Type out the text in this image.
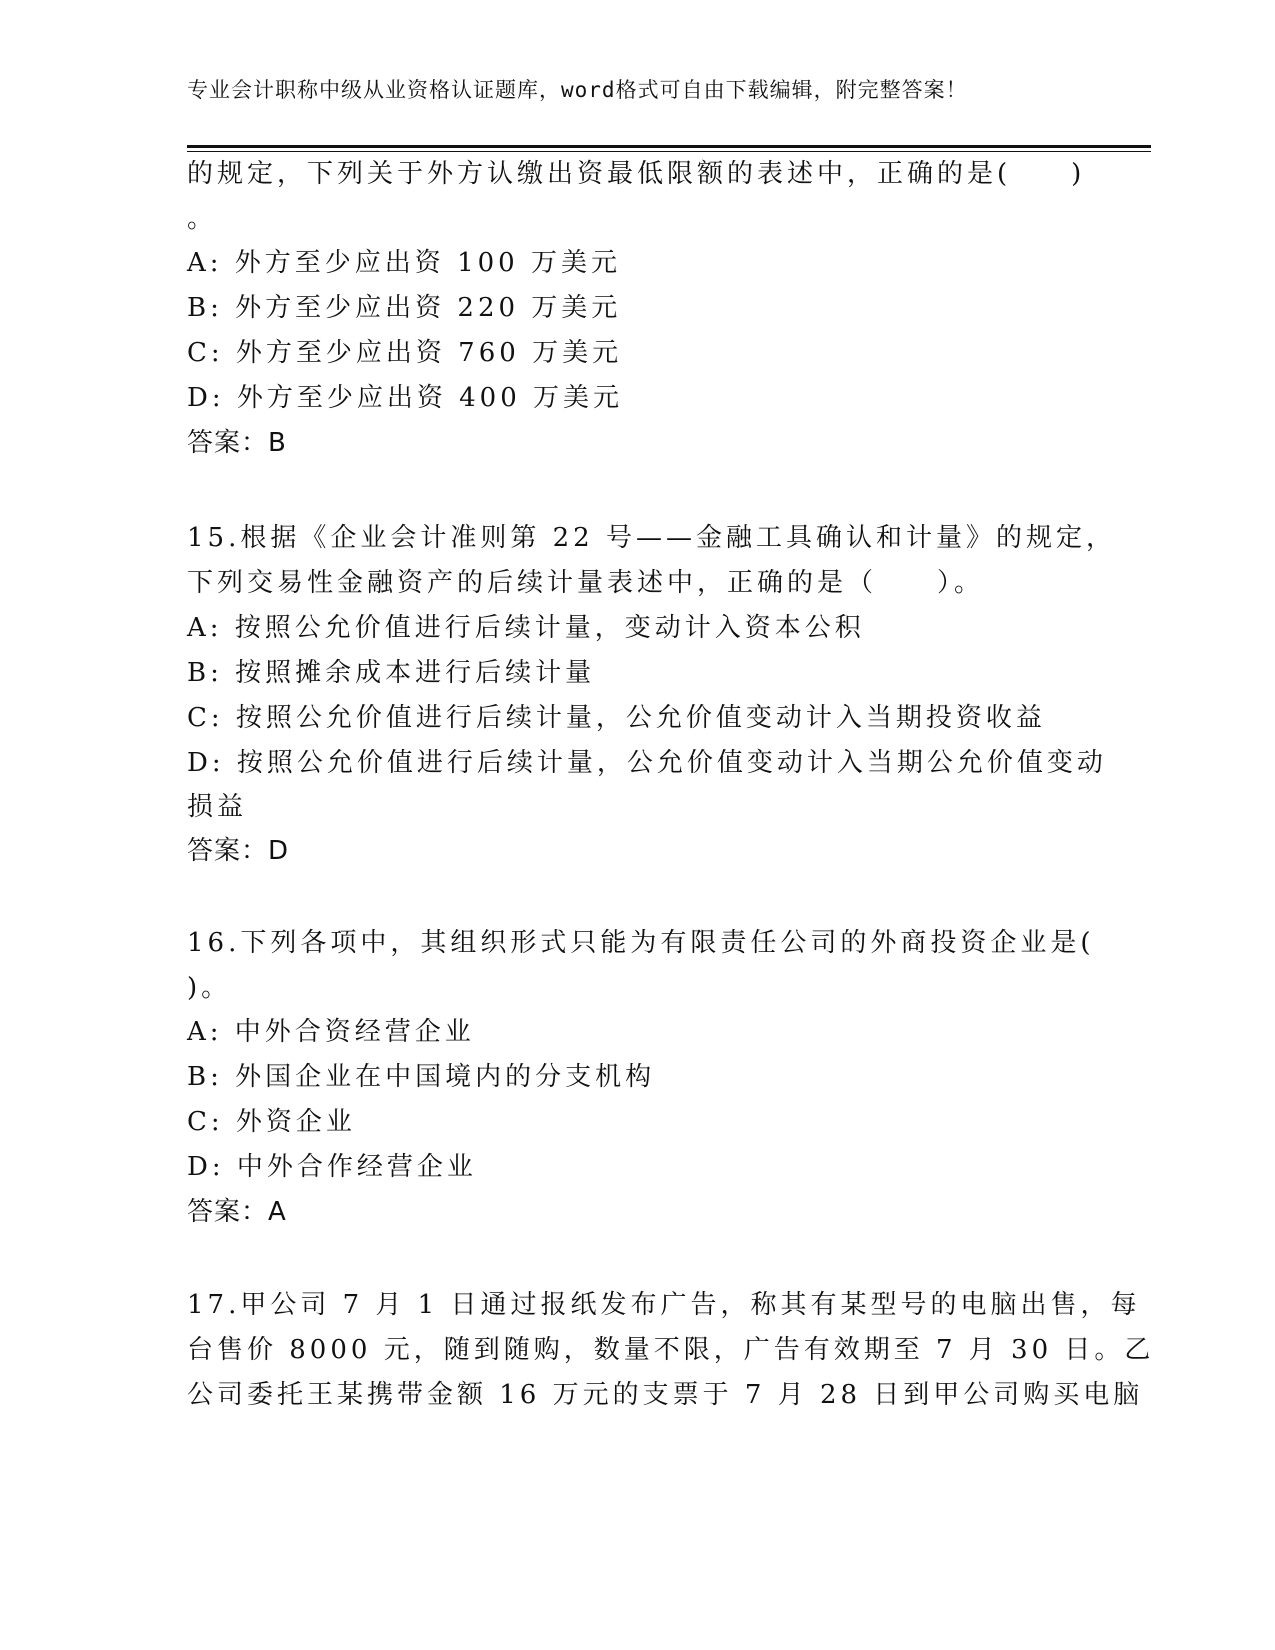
专业会计职称中级从业资格认证题库，word格式可自由下载编辑，附完整答案！
的规定，下列关于外方认缴出资最低限额的表述中，正确的是(　　)
。
A: 外方至少应出资 100 万美元
B: 外方至少应出资 220 万美元
C: 外方至少应出资 760 万美元
D: 外方至少应出资 400 万美元
答案：B
15.根据《企业会计准则第 22 号——金融工具确认和计量》的规定，
下列交易性金融资产的后续计量表述中，正确的是（　　）。
A: 按照公允价值进行后续计量，变动计入资本公积
B: 按照摊余成本进行后续计量
C: 按照公允价值进行后续计量，公允价值变动计入当期投资收益
D: 按照公允价值进行后续计量，公允价值变动计入当期公允价值变动
损益
答案：D
16.下列各项中，其组织形式只能为有限责任公司的外商投资企业是(
)。
A: 中外合资经营企业
B: 外国企业在中国境内的分支机构
C: 外资企业
D: 中外合作经营企业
答案：A
17.甲公司 7 月 1 日通过报纸发布广告，称其有某型号的电脑出售，每
台售价 8000 元，随到随购，数量不限，广告有效期至 7 月 30 日。乙
公司委托王某携带金额 16 万元的支票于 7 月 28 日到甲公司购买电脑
